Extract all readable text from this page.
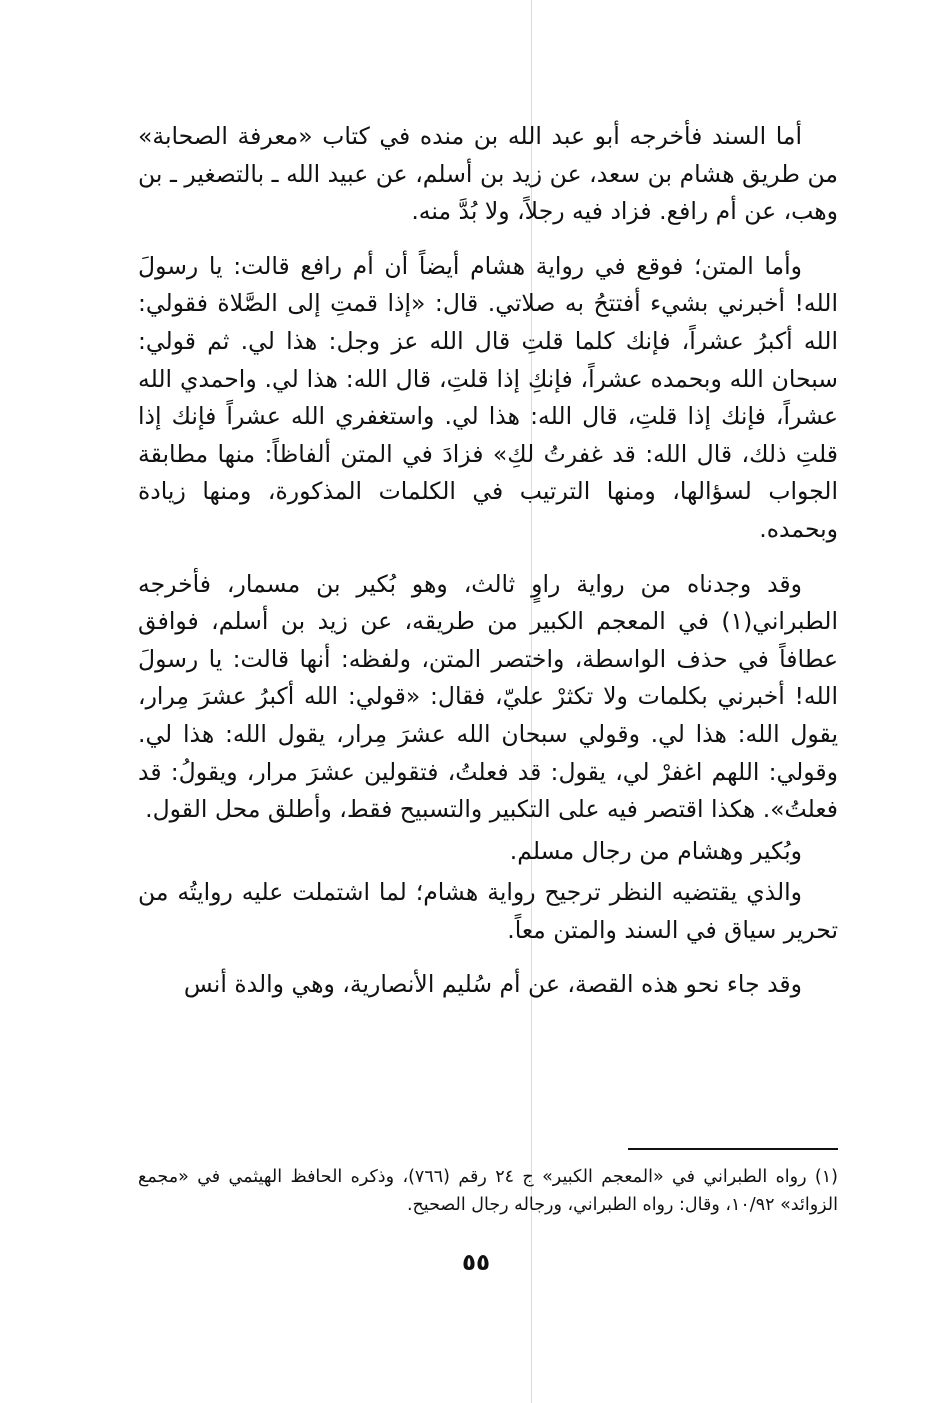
أما السند فأخرجه أبو عبد الله بن منده في كتاب «معرفة الصحابة» من طريق هشام بن سعد، عن زيد بن أسلم، عن عبيد الله ـ بالتصغير ـ بن وهب، عن أم رافع. فزاد فيه رجلاً، ولا بُدَّ منه.

وأما المتن؛ فوقع في رواية هشام أيضاً أن أم رافع قالت: يا رسولَ الله! أخبرني بشيء أفتتحُ به صلاتي. قال: «إذا قمتِ إلى الصَّلاة فقولي: الله أكبرُ عشراً، فإنك كلما قلتِ قال الله عز وجل: هذا لي. ثم قولي: سبحان الله وبحمده عشراً، فإنكِ إذا قلتِ، قال الله: هذا لي. واحمدي الله عشراً، فإنك إذا قلتِ، قال الله: هذا لي. واستغفري الله عشراً فإنك إذا قلتِ ذلك، قال الله: قد غفرتُ لكِ» فزادَ في المتن ألفاظاً: منها مطابقة الجواب لسؤالها، ومنها الترتيب في الكلمات المذكورة، ومنها زيادة وبحمده.

وقد وجدناه من رواية راوٍ ثالث، وهو بُكير بن مسمار، فأخرجه الطبراني(١) في المعجم الكبير من طريقه، عن زيد بن أسلم، فوافق عطافاً في حذف الواسطة، واختصر المتن، ولفظه: أنها قالت: يا رسولَ الله! أخبرني بكلمات ولا تكثرْ عليّ، فقال: «قولي: الله أكبرُ عشرَ مِرار، يقول الله: هذا لي. وقولي سبحان الله عشرَ مِرار، يقول الله: هذا لي. وقولي: اللهم اغفرْ لي، يقول: قد فعلتُ، فتقولين عشرَ مرار، ويقولُ: قد فعلتُ». هكذا اقتصر فيه على التكبير والتسبيح فقط، وأطلق محل القول.

وبُكير وهشام من رجال مسلم.

والذي يقتضيه النظر ترجيح رواية هشام؛ لما اشتملت عليه روايتُه من تحرير سياق في السند والمتن معاً.

وقد جاء نحو هذه القصة، عن أم سُليم الأنصارية، وهي والدة أنس

(١) رواه الطبراني في «المعجم الكبير» ج ٢٤ رقم (٧٦٦)، وذكره الحافظ الهيثمي في «مجمع الزوائد» ١٠/٩٢، وقال: رواه الطبراني، ورجاله رجال الصحيح.

٥٥
